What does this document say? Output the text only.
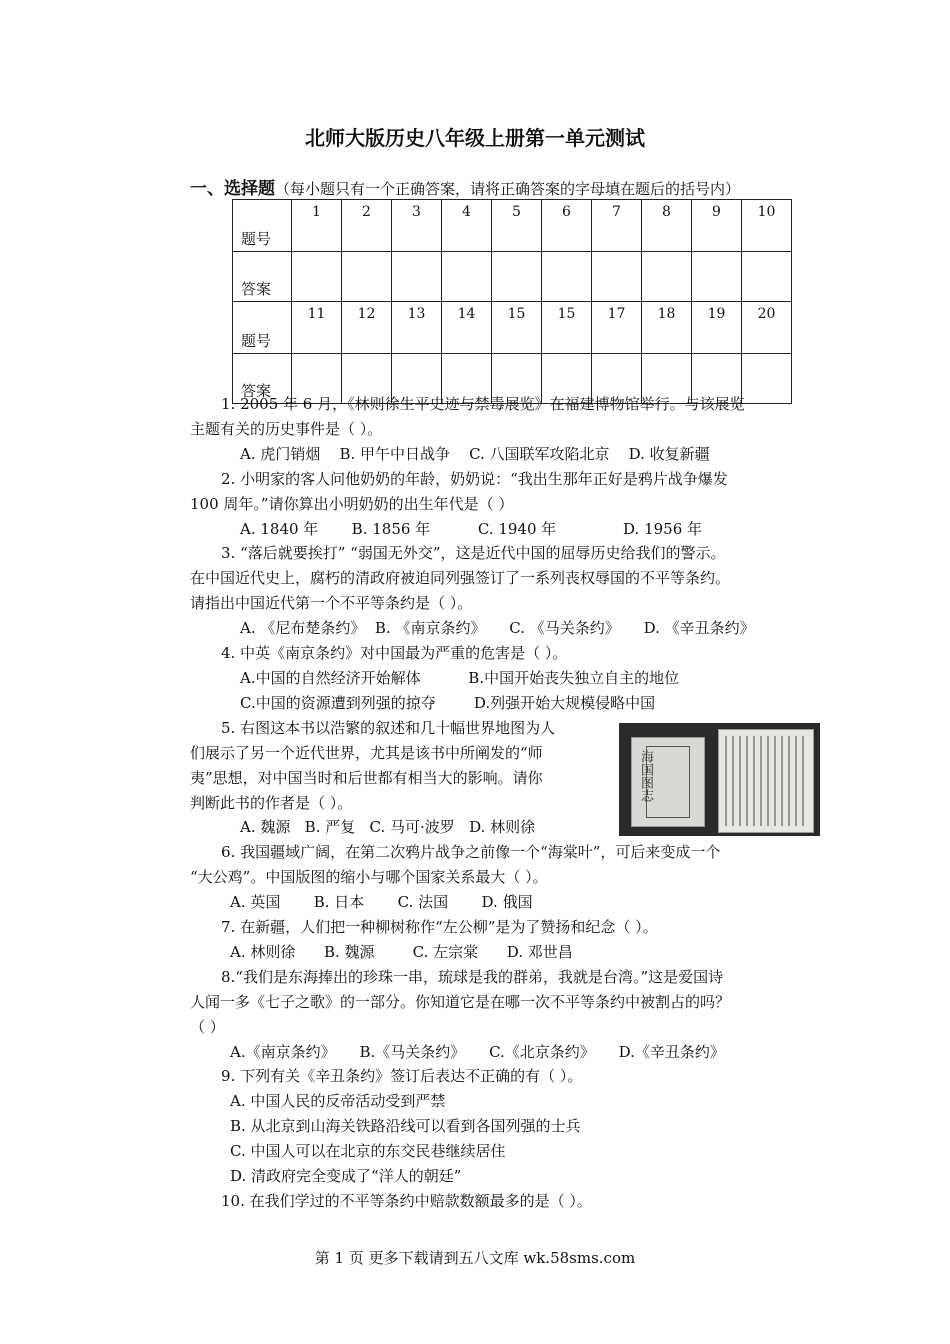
北师大版历史八年级上册第一单元测试
一、选择题（每小题只有一个正确答案，请将正确答案的字母填在题后的括号内）
题号	1	2	3	4	5	6	7	8	9	10
答案										
题号	11	12	13	14	15	15	17	18	19	20
答案										

1. 2005 年 6 月，《林则徐生平史迹与禁毒展览》在福建博物馆举行。与该展览

主题有关的历史事件是（ ）。

A. 虎门销烟    B. 甲午中日战争    C. 八国联军攻陷北京    D. 收复新疆

2. 小明家的客人问他奶奶的年龄，奶奶说：“我出生那年正好是鸦片战争爆发

100 周年。”请你算出小明奶奶的出生年代是（ ）

A. 1840 年       B. 1856 年          C. 1940 年              D. 1956 年

3. “落后就要挨打” “弱国无外交”，这是近代中国的屈辱历史给我们的警示。

在中国近代史上，腐朽的清政府被迫同列强签订了一系列丧权辱国的不平等条约。

请指出中国近代第一个不平等条约是（ ）。

A. 《尼布楚条约》  B. 《南京条约》     C. 《马关条约》     D. 《辛丑条约》

4. 中英《南京条约》对中国最为严重的危害是（ ）。

A.中国的自然经济开始解体          B.中国开始丧失独立自主的地位

C.中国的资源遭到列强的掠夺        D.列强开始大规模侵略中国

5. 右图这本书以浩繁的叙述和几十幅世界地图为人

们展示了另一个近代世界，尤其是该书中所阐发的“师

夷”思想，对中国当时和后世都有相当大的影响。请你

判断此书的作者是（ ）。

A. 魏源   B. 严复   C. 马可·波罗   D. 林则徐

6. 我国疆域广阔，在第二次鸦片战争之前像一个“海棠叶”，可后来变成一个

“大公鸡”。中国版图的缩小与哪个国家关系最大（ ）。

A. 英国       B. 日本       C. 法国       D. 俄国

7. 在新疆，人们把一种柳树称作“左公柳”是为了赞扬和纪念（ ）。

A. 林则徐      B. 魏源        C. 左宗棠      D. 邓世昌

8.“我们是东海捧出的珍珠一串，琉球是我的群弟，我就是台湾。”这是爱国诗

人闻一多《七子之歌》的一部分。你知道它是在哪一次不平等条约中被割占的吗？

（ ）

A.《南京条约》     B.《马关条约》     C.《北京条约》     D.《辛丑条约》

9. 下列有关《辛丑条约》签订后表达不正确的有（ ）。

A. 中国人民的反帝活动受到严禁

B. 从北京到山海关铁路沿线可以看到各国列强的士兵

C. 中国人可以在北京的东交民巷继续居住

D. 清政府完全变成了“洋人的朝廷”

10. 在我们学过的不平等条约中赔款数额最多的是（ ）。

海国图志
第 1 页 更多下载请到五八文库 wk.58sms.com
